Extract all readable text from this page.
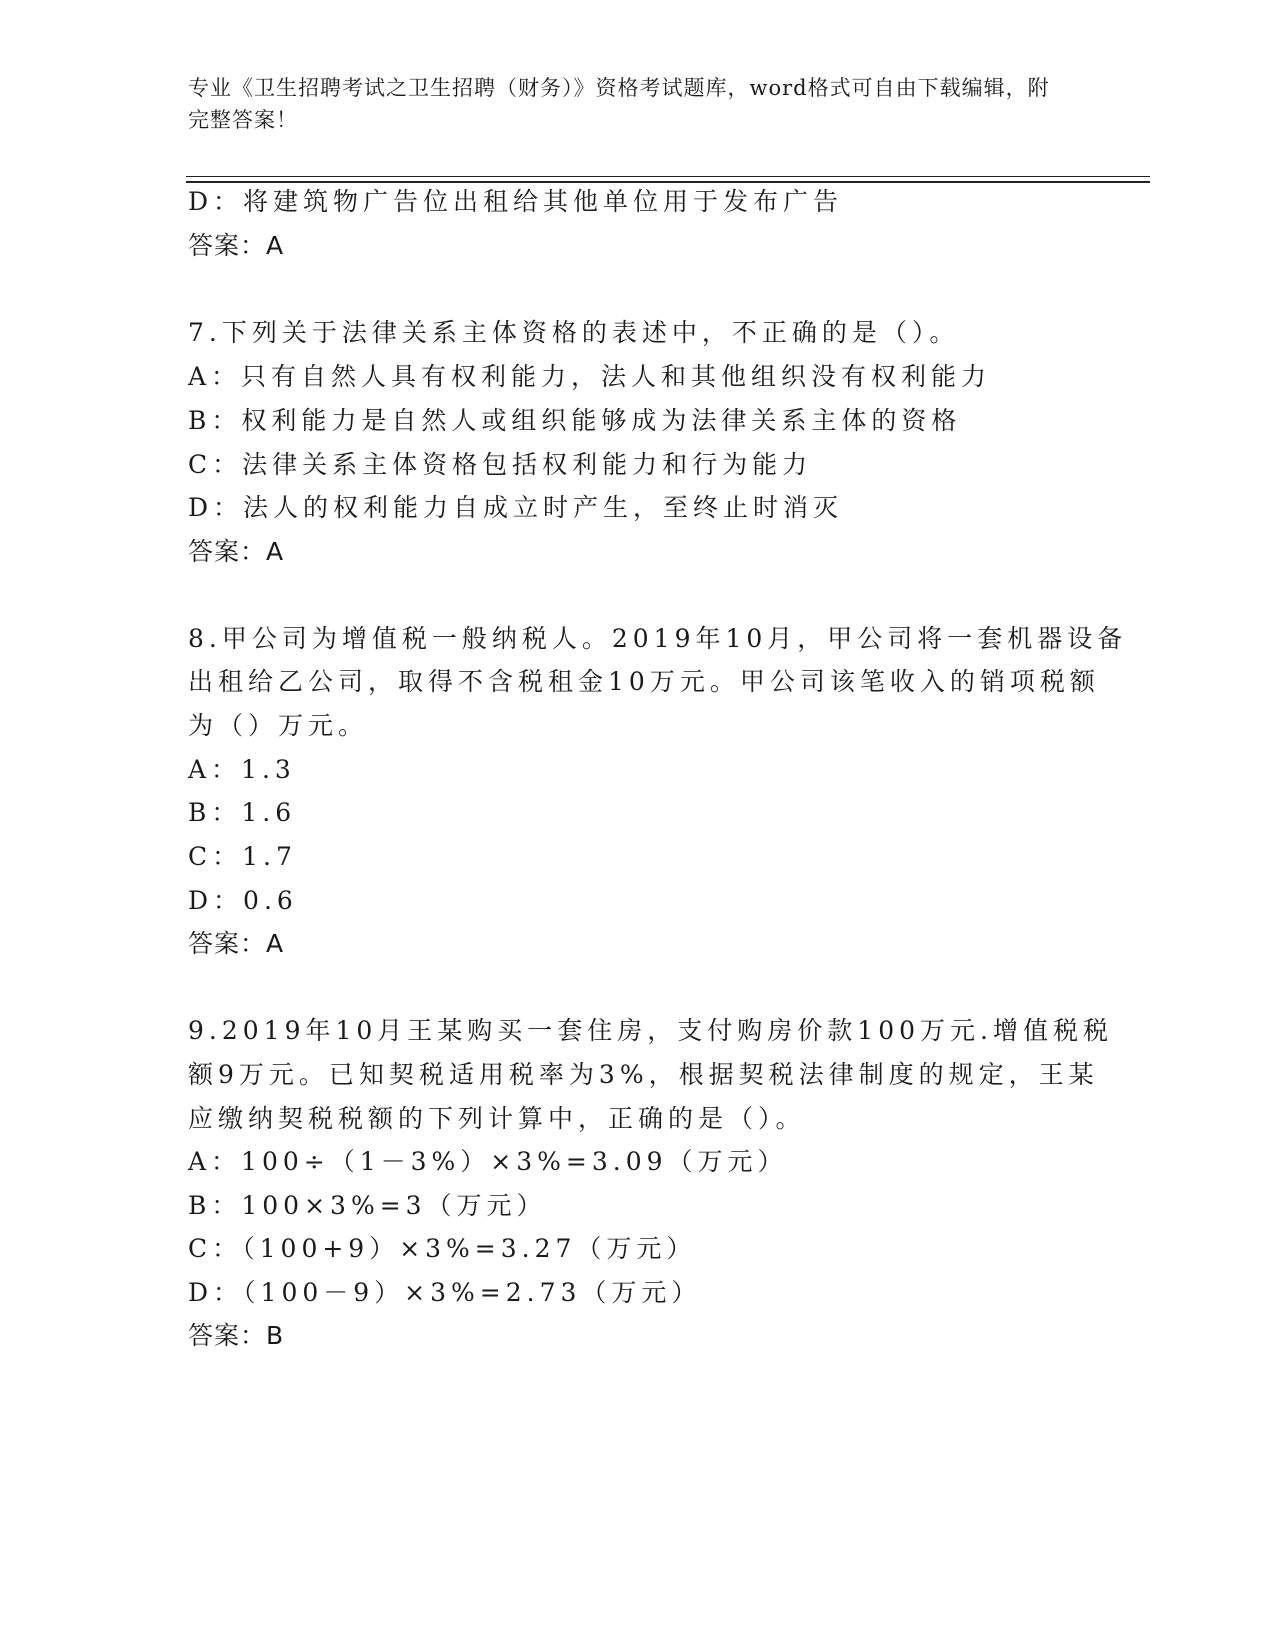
专业《卫生招聘考试之卫生招聘（财务）》资格考试题库，word格式可自由下载编辑，附完整答案！
D：将建筑物广告位出租给其他单位用于发布广告
答案：A
7.下列关于法律关系主体资格的表述中，不正确的是（）。
A：只有自然人具有权利能力，法人和其他组织没有权利能力
B：权利能力是自然人或组织能够成为法律关系主体的资格
C：法律关系主体资格包括权利能力和行为能力
D：法人的权利能力自成立时产生，至终止时消灭
答案：A
8.甲公司为增值税一般纳税人。2019年10月，甲公司将一套机器设备
出租给乙公司，取得不含税租金10万元。甲公司该笔收入的销项税额
为（）万元。
A：1.3
B：1.6
C：1.7
D：0.6
答案：A
9.2019年10月王某购买一套住房，支付购房价款100万元.增值税税
额9万元。已知契税适用税率为3%，根据契税法律制度的规定，王某
应缴纳契税税额的下列计算中，正确的是（）。
A：100÷（1－3%）×3%=3.09（万元）
B：100×3%=3（万元）
C：（100+9）×3%=3.27（万元）
D：（100－9）×3%=2.73（万元）
答案：B
